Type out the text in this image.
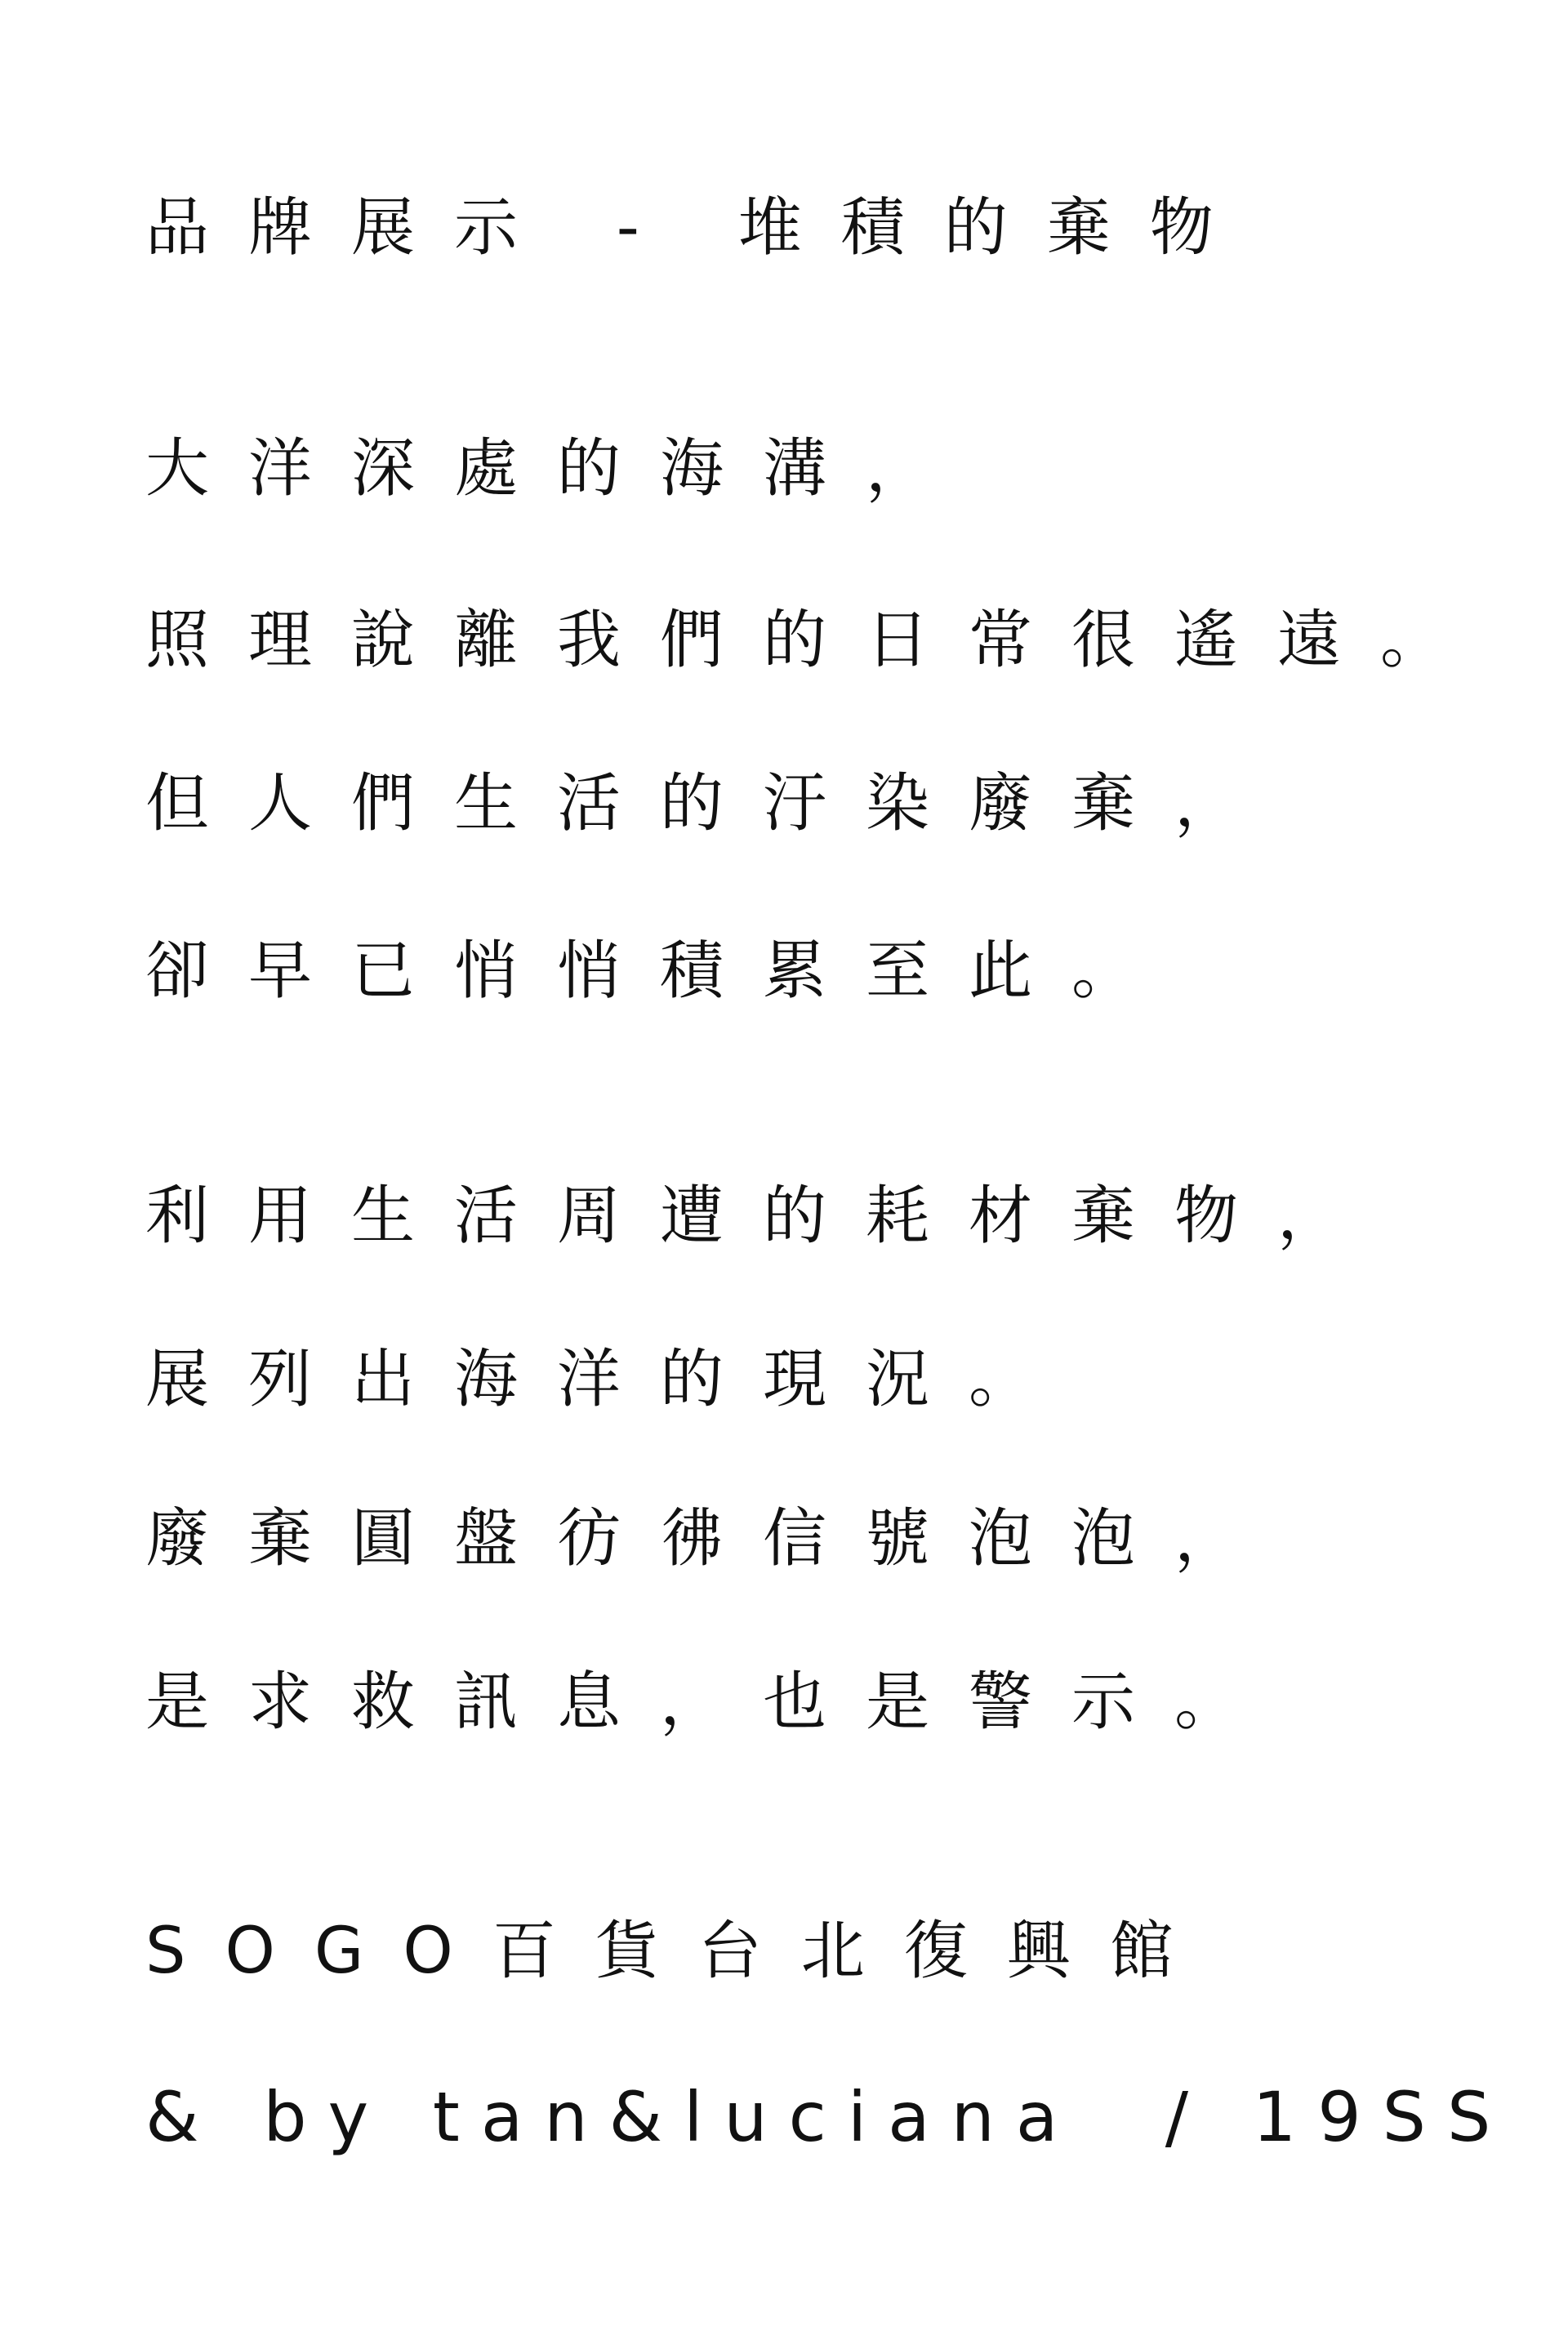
品牌展示 - 堆積的棄物
大洋深處的海溝，
照理說離我們的日常很遙遠。
但人們生活的汙染廢棄，
卻早已悄悄積累至此。
利用生活周遭的耗材棄物，
展列出海洋的現況。
廢棄圓盤彷彿信號泡泡，
是求救訊息，也是警示。
SOGO百貨台北復興館
& by tan&luciana  / 19SS
